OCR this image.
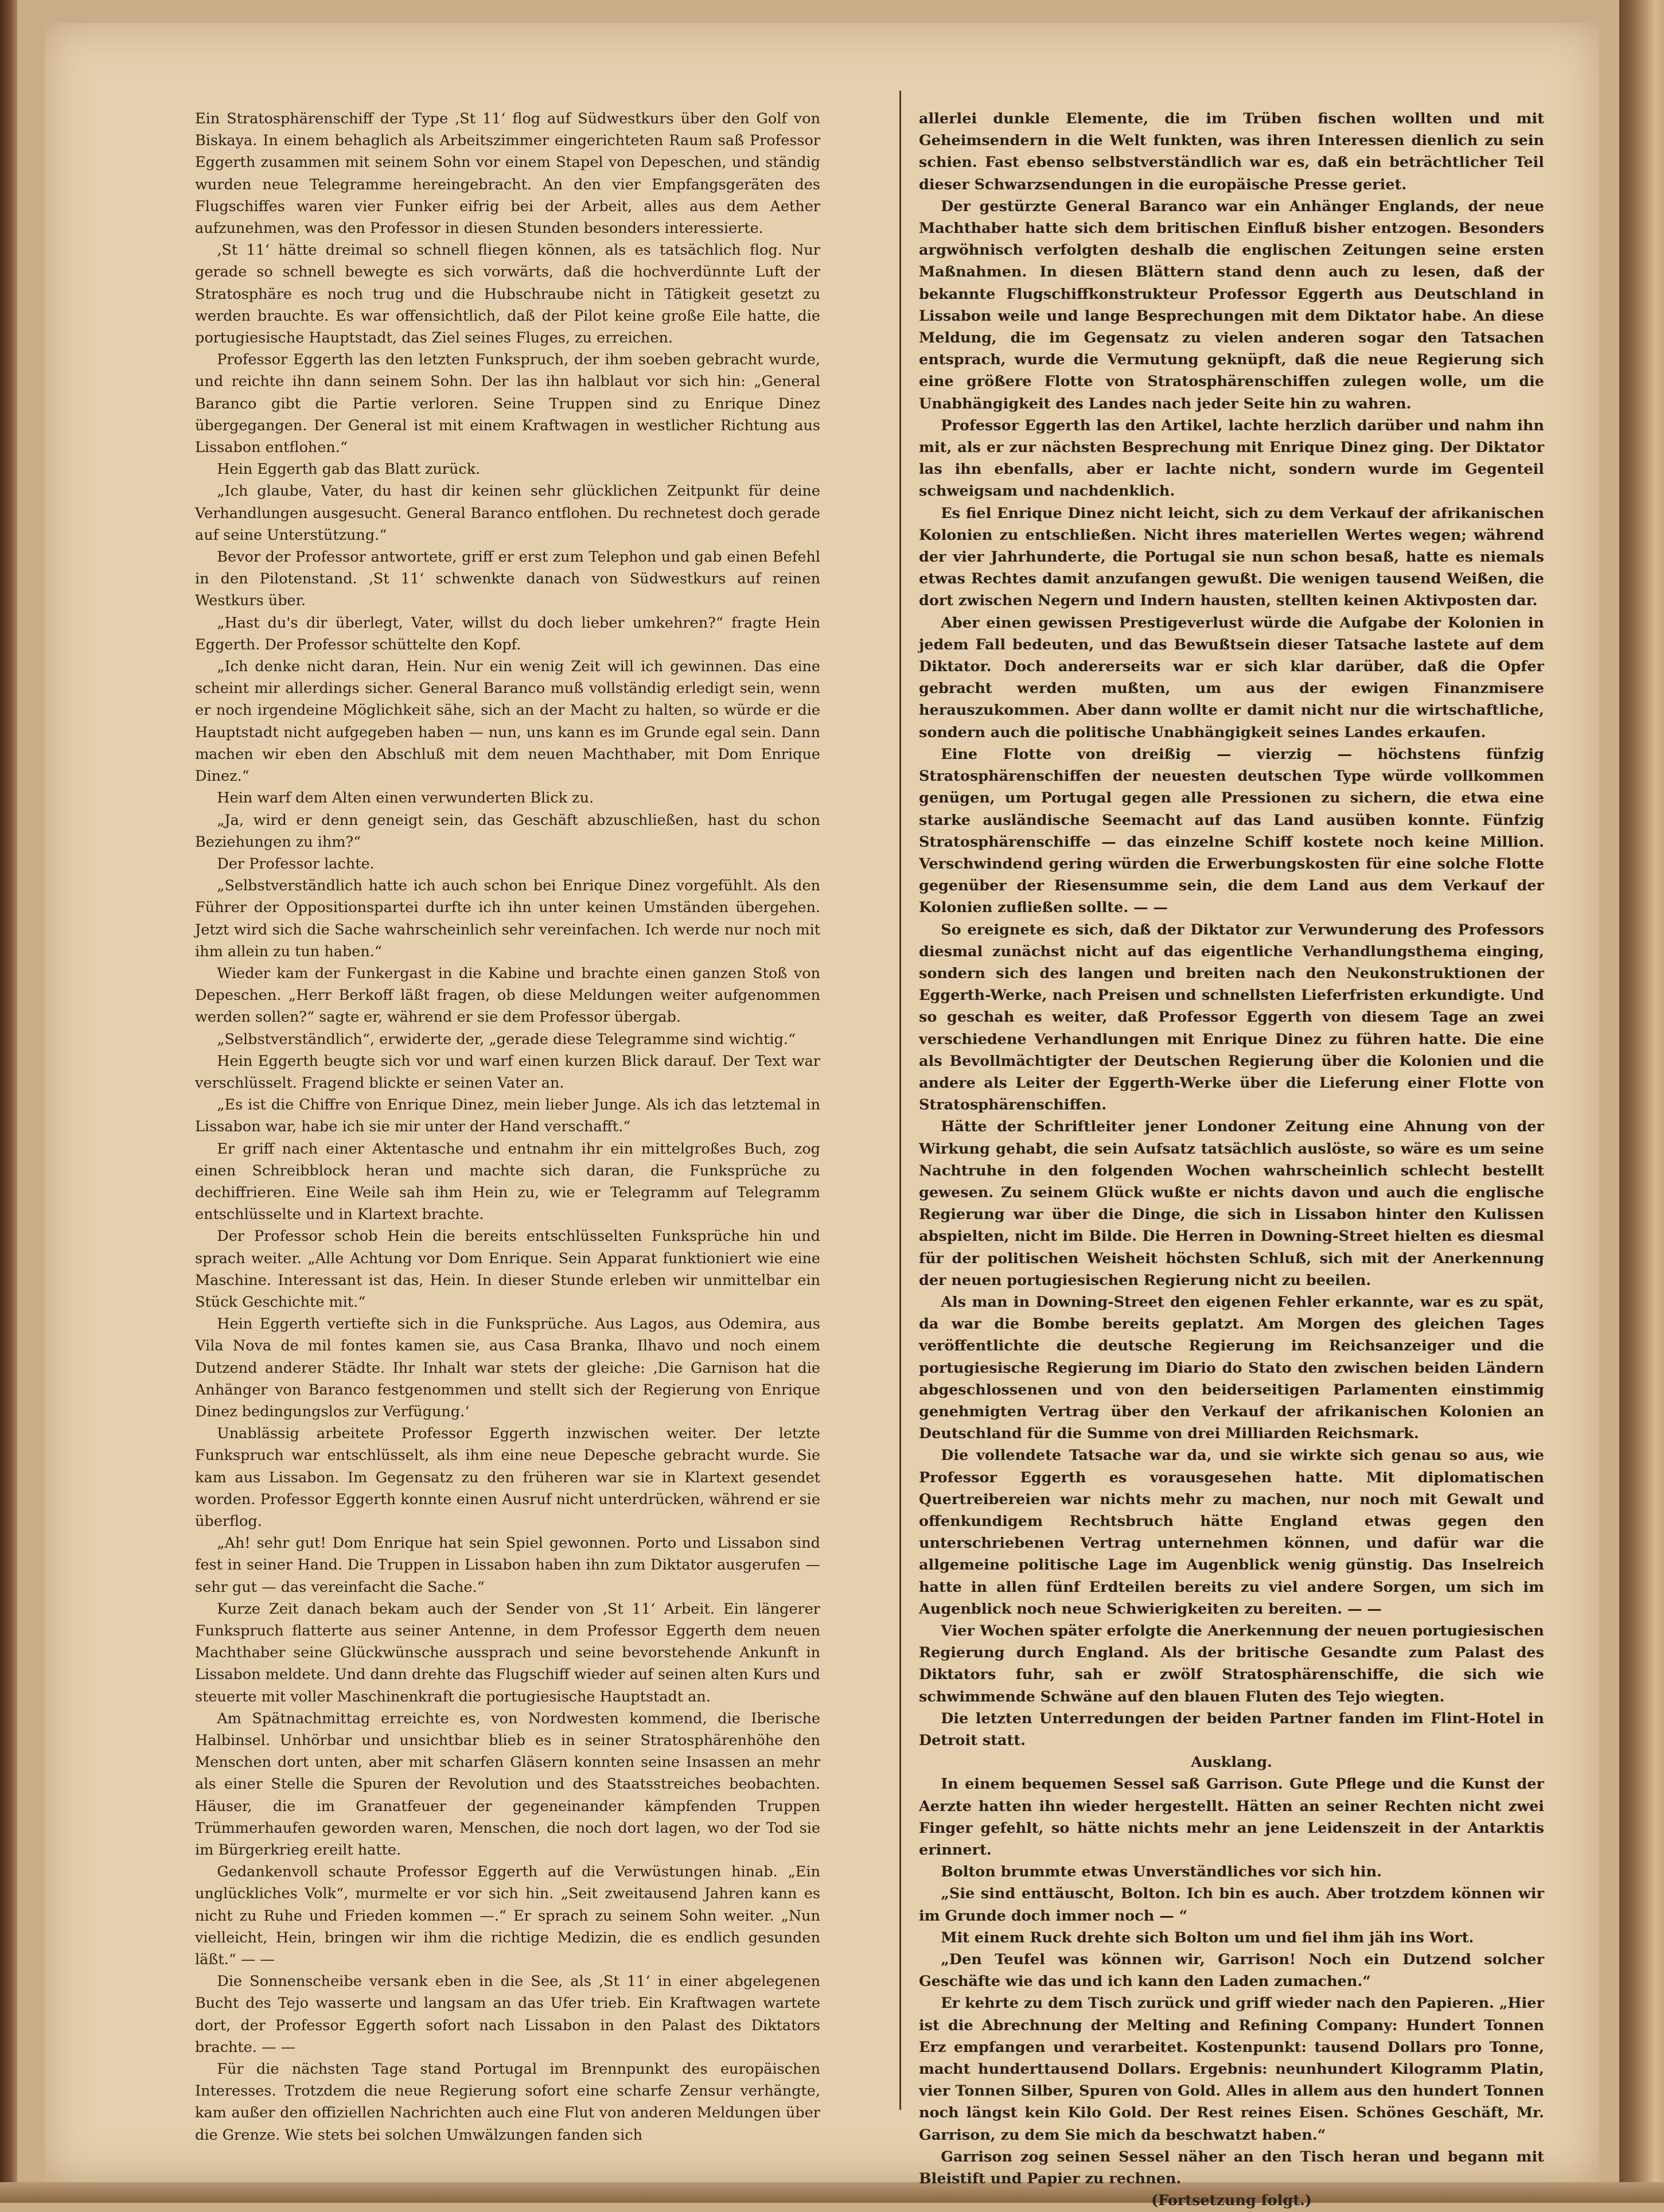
Ein Stratosphärenschiff der Type ‚St 11‘ flog auf Südwestkurs über den Golf von Biskaya. In einem behaglich als Arbeitszimmer eingerichteten Raum saß Professor Eggerth zusammen mit seinem Sohn vor einem Stapel von Depeschen, und ständig wurden neue Telegramme hereingebracht. An den vier Empfangsgeräten des Flugschiffes waren vier Funker eifrig bei der Arbeit, alles aus dem Aether aufzunehmen, was den Professor in diesen Stunden besonders interessierte.

‚St 11‘ hätte dreimal so schnell fliegen können, als es tatsächlich flog. Nur gerade so schnell bewegte es sich vorwärts, daß die hochverdünnte Luft der Stratosphäre es noch trug und die Hubschraube nicht in Tätigkeit gesetzt zu werden brauchte. Es war offensichtlich, daß der Pilot keine große Eile hatte, die portugiesische Hauptstadt, das Ziel seines Fluges, zu erreichen.

Professor Eggerth las den letzten Funkspruch, der ihm soeben gebracht wurde, und reichte ihn dann seinem Sohn. Der las ihn halblaut vor sich hin: „General Baranco gibt die Partie verloren. Seine Truppen sind zu Enrique Dinez übergegangen. Der General ist mit einem Kraftwagen in westlicher Richtung aus Lissabon entflohen.“

Hein Eggerth gab das Blatt zurück.

„Ich glaube, Vater, du hast dir keinen sehr glücklichen Zeitpunkt für deine Verhandlungen ausgesucht. General Baranco entflohen. Du rechnetest doch gerade auf seine Unterstützung.“

Bevor der Professor antwortete, griff er erst zum Telephon und gab einen Befehl in den Pilotenstand. ‚St 11‘ schwenkte danach von Südwestkurs auf reinen Westkurs über.

„Hast du's dir überlegt, Vater, willst du doch lieber umkehren?“ fragte Hein Eggerth. Der Professor schüttelte den Kopf.

„Ich denke nicht daran, Hein. Nur ein wenig Zeit will ich gewinnen. Das eine scheint mir allerdings sicher. General Baranco muß vollständig erledigt sein, wenn er noch irgendeine Möglichkeit sähe, sich an der Macht zu halten, so würde er die Hauptstadt nicht aufgegeben haben — nun, uns kann es im Grunde egal sein. Dann machen wir eben den Abschluß mit dem neuen Machthaber, mit Dom Enrique Dinez.“

Hein warf dem Alten einen verwunderten Blick zu.

„Ja, wird er denn geneigt sein, das Geschäft abzuschließen, hast du schon Beziehungen zu ihm?“

Der Professor lachte.

„Selbstverständlich hatte ich auch schon bei Enrique Dinez vorgefühlt. Als den Führer der Oppositionspartei durfte ich ihn unter keinen Umständen übergehen. Jetzt wird sich die Sache wahrscheinlich sehr vereinfachen. Ich werde nur noch mit ihm allein zu tun haben.“

Wieder kam der Funkergast in die Kabine und brachte einen ganzen Stoß von Depeschen. „Herr Berkoff läßt fragen, ob diese Meldungen weiter aufgenommen werden sollen?“ sagte er, während er sie dem Professor übergab.

„Selbstverständlich“, erwiderte der, „gerade diese Telegramme sind wichtig.“

Hein Eggerth beugte sich vor und warf einen kurzen Blick darauf. Der Text war verschlüsselt. Fragend blickte er seinen Vater an.

„Es ist die Chiffre von Enrique Dinez, mein lieber Junge. Als ich das letztemal in Lissabon war, habe ich sie mir unter der Hand verschafft.“

Er griff nach einer Aktentasche und entnahm ihr ein mittelgroßes Buch, zog einen Schreibblock heran und machte sich daran, die Funksprüche zu dechiffrieren. Eine Weile sah ihm Hein zu, wie er Telegramm auf Telegramm entschlüsselte und in Klartext brachte.

Der Professor schob Hein die bereits entschlüsselten Funksprüche hin und sprach weiter. „Alle Achtung vor Dom Enrique. Sein Apparat funktioniert wie eine Maschine. Interessant ist das, Hein. In dieser Stunde erleben wir unmittelbar ein Stück Geschichte mit.“

Hein Eggerth vertiefte sich in die Funksprüche. Aus Lagos, aus Odemira, aus Vila Nova de mil fontes kamen sie, aus Casa Branka, Ilhavo und noch einem Dutzend anderer Städte. Ihr Inhalt war stets der gleiche: ‚Die Garnison hat die Anhänger von Baranco festgenommen und stellt sich der Regierung von Enrique Dinez bedingungslos zur Verfügung.‘

Unablässig arbeitete Professor Eggerth inzwischen weiter. Der letzte Funkspruch war entschlüsselt, als ihm eine neue Depesche gebracht wurde. Sie kam aus Lissabon. Im Gegensatz zu den früheren war sie in Klartext gesendet worden. Professor Eggerth konnte einen Ausruf nicht unterdrücken, während er sie überflog.

„Ah! sehr gut! Dom Enrique hat sein Spiel gewonnen. Porto und Lissabon sind fest in seiner Hand. Die Truppen in Lissabon haben ihn zum Diktator ausgerufen — sehr gut — das vereinfacht die Sache.“

Kurze Zeit danach bekam auch der Sender von ‚St 11‘ Arbeit. Ein längerer Funkspruch flatterte aus seiner Antenne, in dem Professor Eggerth dem neuen Machthaber seine Glückwünsche aussprach und seine bevorstehende Ankunft in Lissabon meldete. Und dann drehte das Flugschiff wieder auf seinen alten Kurs und steuerte mit voller Maschinenkraft die portugiesische Hauptstadt an.

Am Spätnachmittag erreichte es, von Nordwesten kommend, die Iberische Halbinsel. Unhörbar und unsichtbar blieb es in seiner Stratosphärenhöhe den Menschen dort unten, aber mit scharfen Gläsern konnten seine Insassen an mehr als einer Stelle die Spuren der Revolution und des Staatsstreiches beobachten. Häuser, die im Granatfeuer der gegeneinander kämpfenden Truppen Trümmerhaufen geworden waren, Menschen, die noch dort lagen, wo der Tod sie im Bürgerkrieg ereilt hatte.

Gedankenvoll schaute Professor Eggerth auf die Verwüstungen hinab. „Ein unglückliches Volk“, murmelte er vor sich hin. „Seit zweitausend Jahren kann es nicht zu Ruhe und Frieden kommen —.“ Er sprach zu seinem Sohn weiter. „Nun vielleicht, Hein, bringen wir ihm die richtige Medizin, die es endlich gesunden läßt.“ — —

Die Sonnenscheibe versank eben in die See, als ‚St 11‘ in einer abgelegenen Bucht des Tejo wasserte und langsam an das Ufer trieb. Ein Kraftwagen wartete dort, der Professor Eggerth sofort nach Lissabon in den Palast des Diktators brachte. — —

Für die nächsten Tage stand Portugal im Brennpunkt des europäischen Interesses. Trotzdem die neue Regierung sofort eine scharfe Zensur verhängte, kam außer den offiziellen Nachrichten auch eine Flut von anderen Meldungen über die Grenze. Wie stets bei solchen Umwälzungen fanden sich

allerlei dunkle Elemente, die im Trüben fischen wollten und mit Geheimsendern in die Welt funkten, was ihren Interessen dienlich zu sein schien. Fast ebenso selbstverständlich war es, daß ein beträchtlicher Teil dieser Schwarzsendungen in die europäische Presse geriet.

Der gestürzte General Baranco war ein Anhänger Englands, der neue Machthaber hatte sich dem britischen Einfluß bisher entzogen. Besonders argwöhnisch verfolgten deshalb die englischen Zeitungen seine ersten Maßnahmen. In diesen Blättern stand denn auch zu lesen, daß der bekannte Flugschiffkonstrukteur Professor Eggerth aus Deutschland in Lissabon weile und lange Besprechungen mit dem Diktator habe. An diese Meldung, die im Gegensatz zu vielen anderen sogar den Tatsachen entsprach, wurde die Vermutung geknüpft, daß die neue Regierung sich eine größere Flotte von Stratosphärenschiffen zulegen wolle, um die Unabhängigkeit des Landes nach jeder Seite hin zu wahren.

Professor Eggerth las den Artikel, lachte herzlich darüber und nahm ihn mit, als er zur nächsten Besprechung mit Enrique Dinez ging. Der Diktator las ihn ebenfalls, aber er lachte nicht, sondern wurde im Gegenteil schweigsam und nachdenklich.

Es fiel Enrique Dinez nicht leicht, sich zu dem Verkauf der afrikanischen Kolonien zu entschließen. Nicht ihres materiellen Wertes wegen; während der vier Jahrhunderte, die Portugal sie nun schon besaß, hatte es niemals etwas Rechtes damit anzufangen gewußt. Die wenigen tausend Weißen, die dort zwischen Negern und Indern hausten, stellten keinen Aktivposten dar.

Aber einen gewissen Prestigeverlust würde die Aufgabe der Kolonien in jedem Fall bedeuten, und das Bewußtsein dieser Tatsache lastete auf dem Diktator. Doch andererseits war er sich klar darüber, daß die Opfer gebracht werden mußten, um aus der ewigen Finanzmisere herauszukommen. Aber dann wollte er damit nicht nur die wirtschaftliche, sondern auch die politische Unabhängigkeit seines Landes erkaufen.

Eine Flotte von dreißig — vierzig — höchstens fünfzig Stratosphärenschiffen der neuesten deutschen Type würde vollkommen genügen, um Portugal gegen alle Pressionen zu sichern, die etwa eine starke ausländische Seemacht auf das Land ausüben konnte. Fünfzig Stratosphärenschiffe — das einzelne Schiff kostete noch keine Million. Verschwindend gering würden die Erwerbungskosten für eine solche Flotte gegenüber der Riesensumme sein, die dem Land aus dem Verkauf der Kolonien zufließen sollte. — —

So ereignete es sich, daß der Diktator zur Verwunderung des Professors diesmal zunächst nicht auf das eigentliche Verhandlungsthema einging, sondern sich des langen und breiten nach den Neukonstruktionen der Eggerth-Werke, nach Preisen und schnellsten Lieferfristen erkundigte. Und so geschah es weiter, daß Professor Eggerth von diesem Tage an zwei verschiedene Verhandlungen mit Enrique Dinez zu führen hatte. Die eine als Bevollmächtigter der Deutschen Regierung über die Kolonien und die andere als Leiter der Eggerth-Werke über die Lieferung einer Flotte von Stratosphärenschiffen.

Hätte der Schriftleiter jener Londoner Zeitung eine Ahnung von der Wirkung gehabt, die sein Aufsatz tatsächlich auslöste, so wäre es um seine Nachtruhe in den folgenden Wochen wahrscheinlich schlecht bestellt gewesen. Zu seinem Glück wußte er nichts davon und auch die englische Regierung war über die Dinge, die sich in Lissabon hinter den Kulissen abspielten, nicht im Bilde. Die Herren in Downing-Street hielten es diesmal für der politischen Weisheit höchsten Schluß, sich mit der Anerkennung der neuen portugiesischen Regierung nicht zu beeilen.

Als man in Downing-Street den eigenen Fehler erkannte, war es zu spät, da war die Bombe bereits geplatzt. Am Morgen des gleichen Tages veröffentlichte die deutsche Regierung im Reichsanzeiger und die portugiesische Regierung im Diario do Stato den zwischen beiden Ländern abgeschlossenen und von den beiderseitigen Parlamenten einstimmig genehmigten Vertrag über den Verkauf der afrikanischen Kolonien an Deutschland für die Summe von drei Milliarden Reichsmark.

Die vollendete Tatsache war da, und sie wirkte sich genau so aus, wie Professor Eggerth es vorausgesehen hatte. Mit diplomatischen Quertreibereien war nichts mehr zu machen, nur noch mit Gewalt und offenkundigem Rechtsbruch hätte England etwas gegen den unterschriebenen Vertrag unternehmen können, und dafür war die allgemeine politische Lage im Augenblick wenig günstig. Das Inselreich hatte in allen fünf Erdteilen bereits zu viel andere Sorgen, um sich im Augenblick noch neue Schwierigkeiten zu bereiten. — —

Vier Wochen später erfolgte die Anerkennung der neuen portugiesischen Regierung durch England. Als der britische Gesandte zum Palast des Diktators fuhr, sah er zwölf Stratosphärenschiffe, die sich wie schwimmende Schwäne auf den blauen Fluten des Tejo wiegten.

Die letzten Unterredungen der beiden Partner fanden im Flint-Hotel in Detroit statt.

Ausklang.

In einem bequemen Sessel saß Garrison. Gute Pflege und die Kunst der Aerzte hatten ihn wieder hergestellt. Hätten an seiner Rechten nicht zwei Finger gefehlt, so hätte nichts mehr an jene Leidenszeit in der Antarktis erinnert.

Bolton brummte etwas Unverständliches vor sich hin.

„Sie sind enttäuscht, Bolton. Ich bin es auch. Aber trotzdem können wir im Grunde doch immer noch — “

Mit einem Ruck drehte sich Bolton um und fiel ihm jäh ins Wort.

„Den Teufel was können wir, Garrison! Noch ein Dutzend solcher Geschäfte wie das und ich kann den Laden zumachen.“

Er kehrte zu dem Tisch zurück und griff wieder nach den Papieren. „Hier ist die Abrechnung der Melting and Refining Company: Hundert Tonnen Erz empfangen und verarbeitet. Kostenpunkt: tausend Dollars pro Tonne, macht hunderttausend Dollars. Ergebnis: neunhundert Kilogramm Platin, vier Tonnen Silber, Spuren von Gold. Alles in allem aus den hundert Tonnen noch längst kein Kilo Gold. Der Rest reines Eisen. Schönes Geschäft, Mr. Garrison, zu dem Sie mich da beschwatzt haben.“

Garrison zog seinen Sessel näher an den Tisch heran und begann mit Bleistift und Papier zu rechnen.

(Fortsetzung folgt.)
